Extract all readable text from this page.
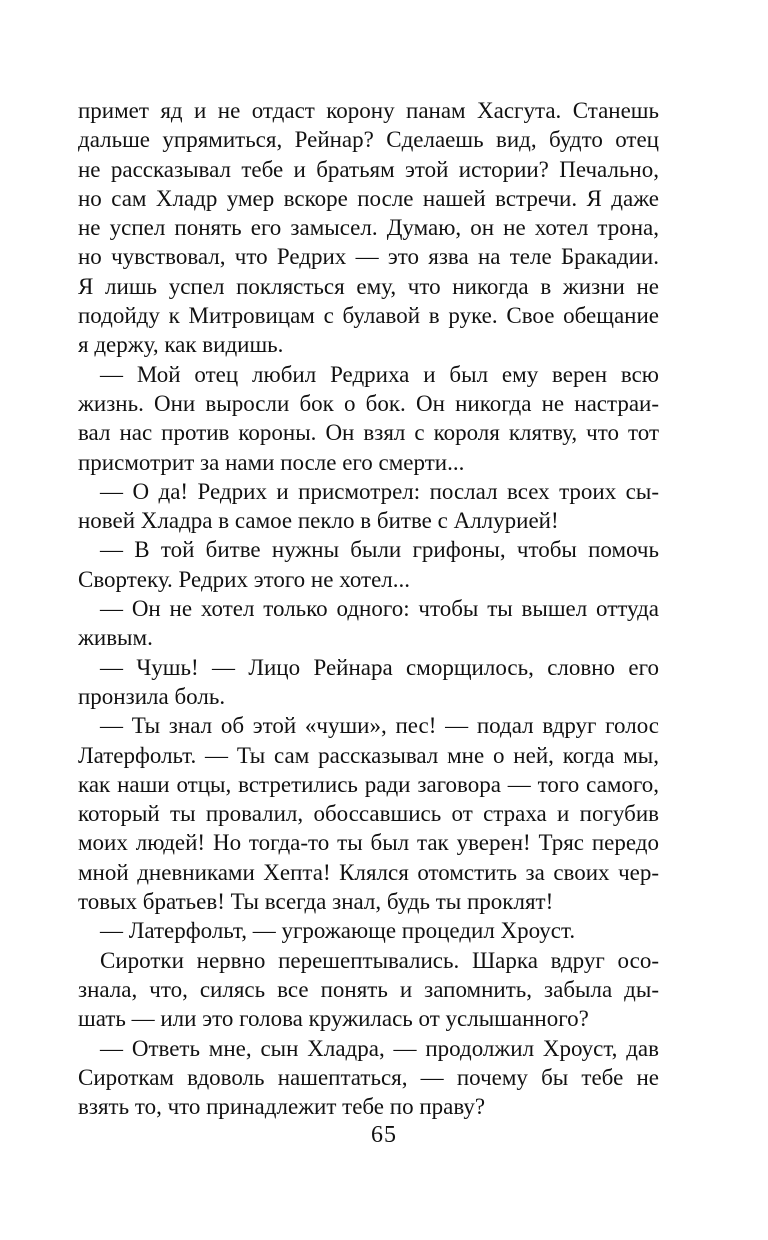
примет яд и не отдаст корону панам Хасгута. Станешь
дальше упрямиться, Рейнар? Сделаешь вид, будто отец
не рассказывал тебе и братьям этой истории? Печально,
но сам Хладр умер вскоре после нашей встречи. Я даже
не успел понять его замысел. Думаю, он не хотел трона,
но чувствовал, что Редрих — это язва на теле Бракадии.
Я лишь успел поклясться ему, что никогда в жизни не
подойду к Митровицам с булавой в руке. Свое обещание
я держу, как видишь.
— Мой отец любил Редриха и был ему верен всю
жизнь. Они выросли бок о бок. Он никогда не настраи-
вал нас против короны. Он взял с короля клятву, что тот
присмотрит за нами после его смерти...
— О да! Редрих и присмотрел: послал всех троих сы-
новей Хладра в самое пекло в битве с Аллурией!
— В той битве нужны были грифоны, чтобы помочь
Свортеку. Редрих этого не хотел...
— Он не хотел только одного: чтобы ты вышел оттуда
живым.
— Чушь! — Лицо Рейнара сморщилось, словно его
пронзила боль.
— Ты знал об этой «чуши», пес! — подал вдруг голос
Латерфольт. — Ты сам рассказывал мне о ней, когда мы,
как наши отцы, встретились ради заговора — того самого,
который ты провалил, обоссавшись от страха и погубив
моих людей! Но тогда-то ты был так уверен! Тряс передо
мной дневниками Хепта! Клялся отомстить за своих чер-
товых братьев! Ты всегда знал, будь ты проклят!
— Латерфольт, — угрожающе процедил Хроуст.
Сиротки нервно перешептывались. Шарка вдруг осо-
знала, что, силясь все понять и запомнить, забыла ды-
шать — или это голова кружилась от услышанного?
— Ответь мне, сын Хладра, — продолжил Хроуст, дав
Сироткам вдоволь нашептаться, — почему бы тебе не
взять то, что принадлежит тебе по праву?
65
